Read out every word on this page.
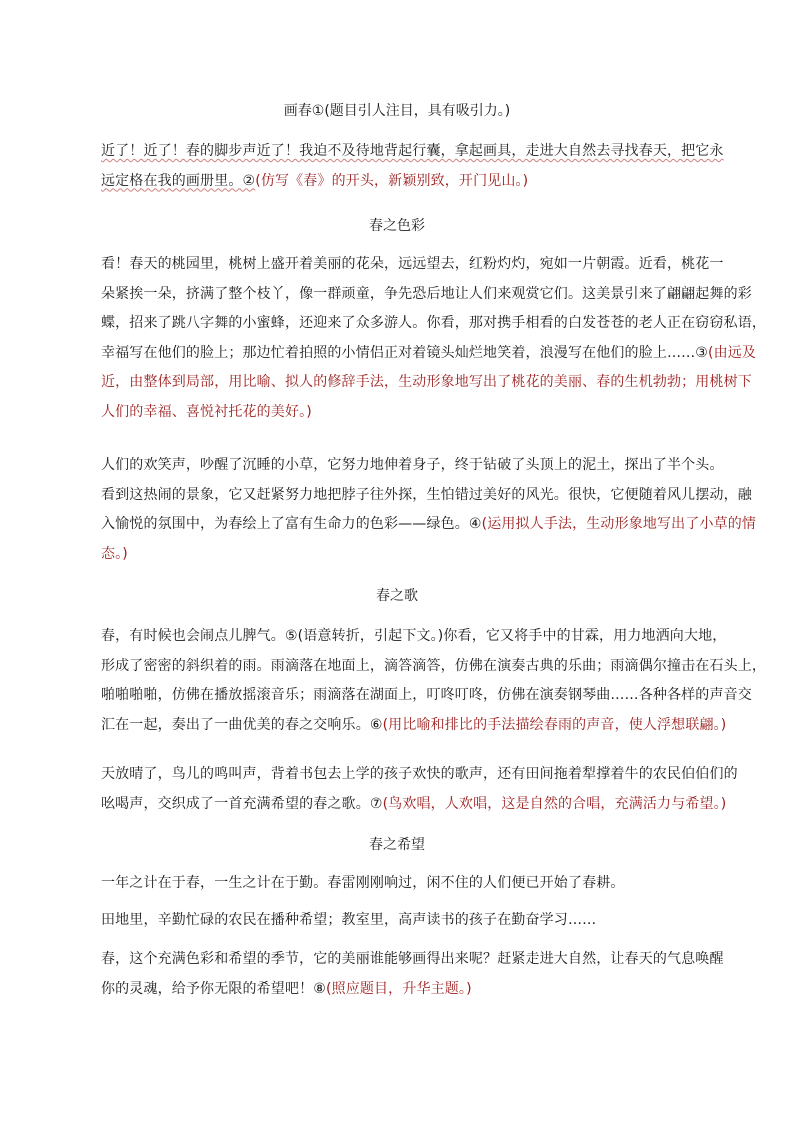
画春①(题目引人注目，具有吸引力。)
近了！近了！春的脚步声近了！我迫不及待地背起行囊，拿起画具，走进大自然去寻找春天，把它永
远定格在我的画册里。②(仿写《春》的开头，新颖别致，开门见山。)
春之色彩
看！春天的桃园里，桃树上盛开着美丽的花朵，远远望去，红粉灼灼，宛如一片朝霞。近看，桃花一
朵紧挨一朵，挤满了整个枝丫，像一群顽童，争先恐后地让人们来观赏它们。这美景引来了翩翩起舞的彩
蝶，招来了跳八字舞的小蜜蜂，还迎来了众多游人。你看，那对携手相看的白发苍苍的老人正在窃窃私语，
幸福写在他们的脸上；那边忙着拍照的小情侣正对着镜头灿烂地笑着，浪漫写在他们的脸上……③(由远及
近，由整体到局部，用比喻、拟人的修辞手法，生动形象地写出了桃花的美丽、春的生机勃勃；用桃树下
人们的幸福、喜悦衬托花的美好。)
人们的欢笑声，吵醒了沉睡的小草，它努力地伸着身子，终于钻破了头顶上的泥土，探出了半个头。
看到这热闹的景象，它又赶紧努力地把脖子往外探，生怕错过美好的风光。很快，它便随着风儿摆动，融
入愉悦的氛围中，为春绘上了富有生命力的色彩——绿色。④(运用拟人手法，生动形象地写出了小草的情
态。)
春之歌
春，有时候也会闹点儿脾气。⑤(语意转折，引起下文。)你看，它又将手中的甘霖，用力地洒向大地，
形成了密密的斜织着的雨。雨滴落在地面上，滴答滴答，仿佛在演奏古典的乐曲；雨滴偶尔撞击在石头上，
啪啪啪啪，仿佛在播放摇滚音乐；雨滴落在湖面上，叮咚叮咚，仿佛在演奏钢琴曲……各种各样的声音交
汇在一起，奏出了一曲优美的春之交响乐。⑥(用比喻和排比的手法描绘春雨的声音，使人浮想联翩。)
天放晴了，鸟儿的鸣叫声，背着书包去上学的孩子欢快的歌声，还有田间拖着犁撑着牛的农民伯伯们的
吆喝声，交织成了一首充满希望的春之歌。⑦(鸟欢唱，人欢唱，这是自然的合唱，充满活力与希望。)
春之希望
一年之计在于春，一生之计在于勤。春雷刚刚响过，闲不住的人们便已开始了春耕。
田地里，辛勤忙碌的农民在播种希望；教室里，高声读书的孩子在勤奋学习……
春，这个充满色彩和希望的季节，它的美丽谁能够画得出来呢？赶紧走进大自然，让春天的气息唤醒
你的灵魂，给予你无限的希望吧！⑧(照应题目，升华主题。)
